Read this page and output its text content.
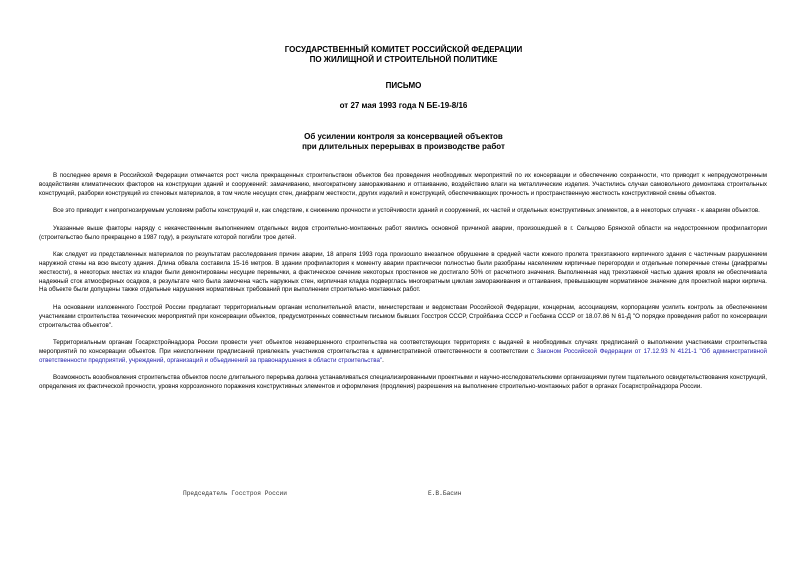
ГОСУДАРСТВЕННЫЙ КОМИТЕТ РОССИЙСКОЙ ФЕДЕРАЦИИ
ПО ЖИЛИЩНОЙ И СТРОИТЕЛЬНОЙ ПОЛИТИКЕ
ПИСЬМО
от 27 мая 1993 года N БЕ-19-8/16
Об усилении контроля за консервацией объектов
при длительных перерывах в производстве работ

В последнее время в Российской Федерации отмечается рост числа прекращенных строительством объектов без проведения необходимых мероприятий по их консервации и обеспечению сохранности, что приводит к непредусмотренным воздействиям климатических факторов на конструкции зданий и сооружений: замачиванию, многократному замораживанию и оттаиванию, воздействию влаги на металлические изделия. Участились случаи самовольного демонтажа строительных конструкций, разборки конструкций из стеновых материалов, в том числе несущих стен, диафрагм жесткости, других изделий и конструкций, обеспечивающих прочность и пространственную жесткость конструктивной схемы объектов.

Все это приводит к непрогнозируемым условиям работы конструкций и, как следствие, к снижению прочности и устойчивости зданий и сооружений, их частей и отдельных конструктивных элементов, а в некоторых случаях - к авариям объектов.

Указанные выше факторы наряду с некачественным выполнением отдельных видов строительно-монтажных работ явились основной причиной аварии, произошедшей в г. Сельцово Брянской области на недостроенном профилактории (строительство было прекращено в 1987 году), в результате которой погибли трое детей.

Как следует из представленных материалов по результатам расследования причин аварии, 18 апреля 1993 года произошло внезапное обрушение в средней части южного пролета трехэтажного кирпичного здания с частичным разрушением наружной стены на всю высоту здания. Длина обвала составила 15-16 метров. В здании профилактория к моменту аварии практически полностью были разобраны населением кирпичные перегородки и отдельные поперечные стены (диафрагмы жесткости), в некоторых местах из кладки были демонтированы несущие перемычки, а фактическое сечение некоторых простенков не достигало 50% от расчетного значения. Выполненная над трехэтажной частью здания кровля не обеспечивала надежный сток атмосферных осадков, в результате чего была замочена часть наружных стен, кирпичная кладка подверглась многократным циклам замораживания и оттаивания, превышающим нормативное значение для проектной марки кирпича. На объекте были допущены также отдельные нарушения нормативных требований при выполнении строительно-монтажных работ.

На основании изложенного Госстрой России предлагает территориальным органам исполнительной власти, министерствам и ведомствам Российской Федерации, концернам, ассоциациям, корпорациям усилить контроль за обеспечением участниками строительства технических мероприятий при консервации объектов, предусмотренных совместным письмом бывших Госстроя СССР, Стройбанка СССР и Госбанка СССР от 18.07.86 N 61-Д "О порядке проведения работ по консервации строительства объектов".

Территориальным органам Госархстройнадзора России провести учет объектов незавершенного строительства на соответствующих территориях с выдачей в необходимых случаях предписаний о выполнении участниками строительства мероприятий по консервации объектов. При неисполнении предписаний привлекать участников строительства к административной ответственности в соответствии с Законом Российской Федерации от 17.12.93 N 4121-1 "Об административной ответственности предприятий, учреждений, организаций и объединений за правонарушения в области строительства".

Возможность возобновления строительства объектов после длительного перерыва должна устанавливаться специализированными проектными и научно-исследовательскими организациями путем тщательного освидетельствования конструкций, определения их фактической прочности, уровня коррозионного поражения конструктивных элементов и оформления (продления) разрешения на выполнение строительно-монтажных работ в органах Госархстройнадзора России.

Председатель Госстроя России	Е.В.Басин
